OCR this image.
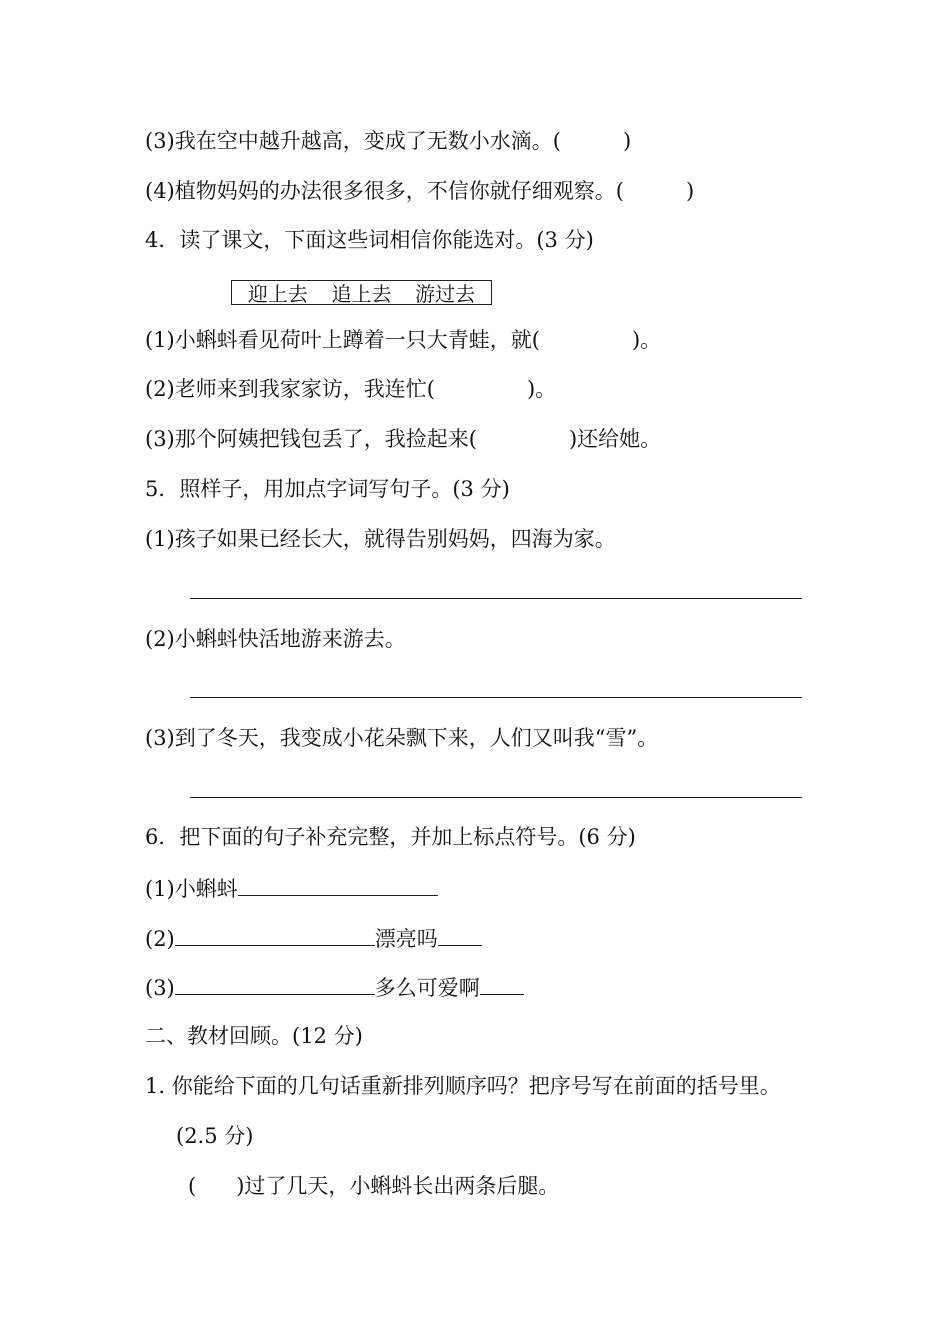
(3)我在空中越升越高，变成了无数小水滴。(	)
(4)植物妈妈的办法很多很多，不信你就仔细观察。(	)
4．读了课文，下面这些词相信你能选对。(3 分)
迎上去 追上去 游过去
(1)小蝌蚪看见荷叶上蹲着一只大青蛙，就(	)。
(2)老师来到我家家访，我连忙(	)。
(3)那个阿姨把钱包丢了，我捡起来(	)还给她。
5．照样子，用加点字词写句子。(3 分)
(1)孩子如果已经长大，就得告别妈妈，四海为家。
(2)小蝌蚪快活地游来游去。
(3)到了冬天，我变成小花朵飘下来，人们又叫我“雪”。
6．把下面的句子补充完整，并加上标点符号。(6 分)
(1)小蝌蚪
(2)	漂亮吗
(3)	多么可爱啊
二、教材回顾。(12 分)
1. 你能给下面的几句话重新排列顺序吗？把序号写在前面的括号里。
(2.5 分)
( )过了几天，小蝌蚪长出两条后腿。
